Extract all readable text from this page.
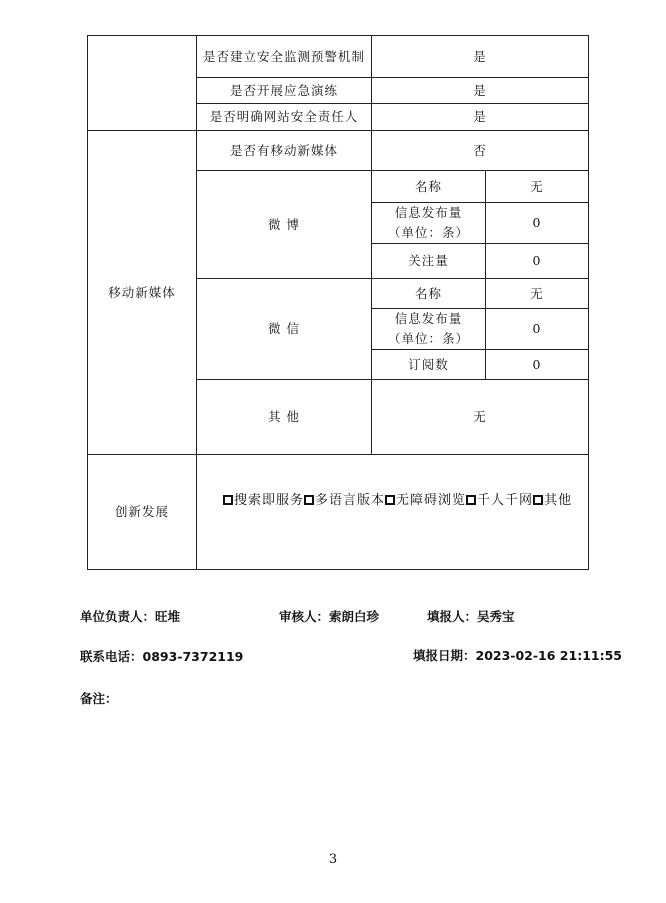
	是否建立安全监测预警机制	是	
	是否开展应急演练	是	
	是否明确网站安全责任人	是	
移动新媒体	是否有移动新媒体	否	
	微 博	名称	无

		信息发布量
（单位：条）	0
		关注量	0
	微 信	名称	无

		信息发布量
（单位：条）	0
		订阅数	0
	其 他	无	
创新发展	搜索即服务 多语言版本 无障碍浏览 千人千网 其他		
单位负责人：旺堆	审核人：索朗白珍	填报人：吴秀宝
联系电话：0893-7372119	填报日期：2023-02-16 21:11:55
备注：
3
